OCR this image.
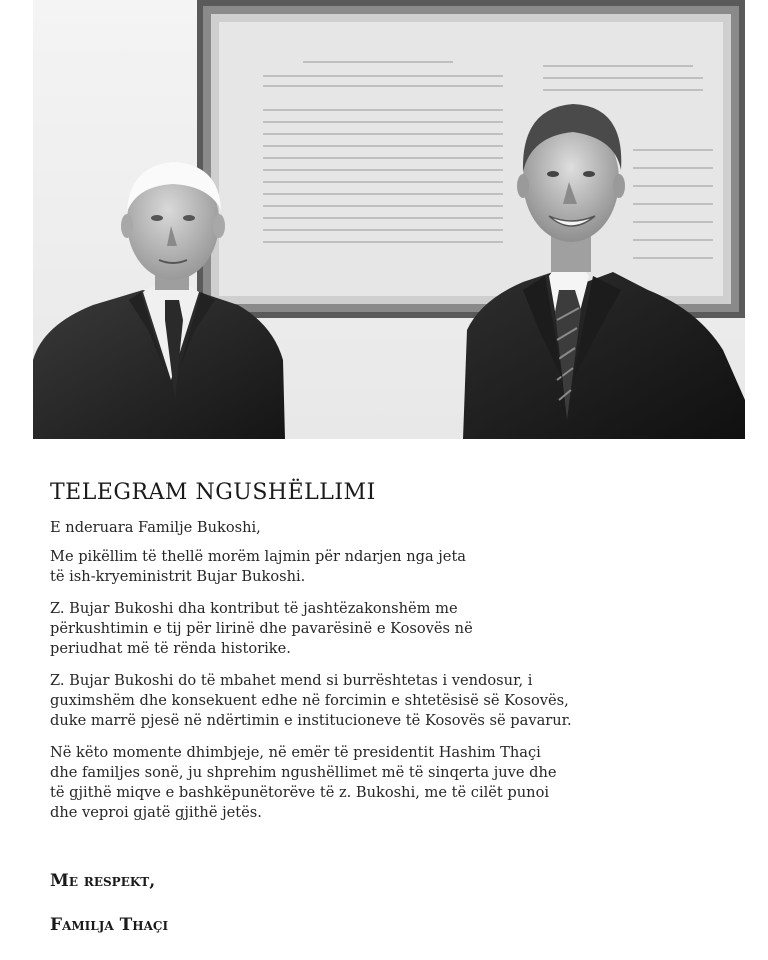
TELEGRAM NGUSHËLLIMI

E nderuara Familje Bukoshi,

Me pikëllim të thellë morëm lajmin për ndarjen nga jeta
të ish-kryeministrit Bujar Bukoshi.

Z. Bujar Bukoshi dha kontribut të jashtëzakonshëm me
përkushtimin e tij për lirinë dhe pavarësinë e Kosovës në
periudhat më të rënda historike.

Z. Bujar Bukoshi do të mbahet mend si burrështetas i vendosur, i
guximshëm dhe konsekuent edhe në forcimin e shtetësisë së Kosovës,
duke marrë pjesë në ndërtimin e institucioneve të Kosovës së pavarur.

Në këto momente dhimbjeje, në emër të presidentit Hashim Thaçi
dhe familjes sonë, ju shprehim ngushëllimet më të sinqerta juve dhe
të gjithë miqve e bashkëpunëtorëve të z. Bukoshi, me të cilët punoi
dhe veproi gjatë gjithë jetës.

Me respekt,

Familja Thaçi
